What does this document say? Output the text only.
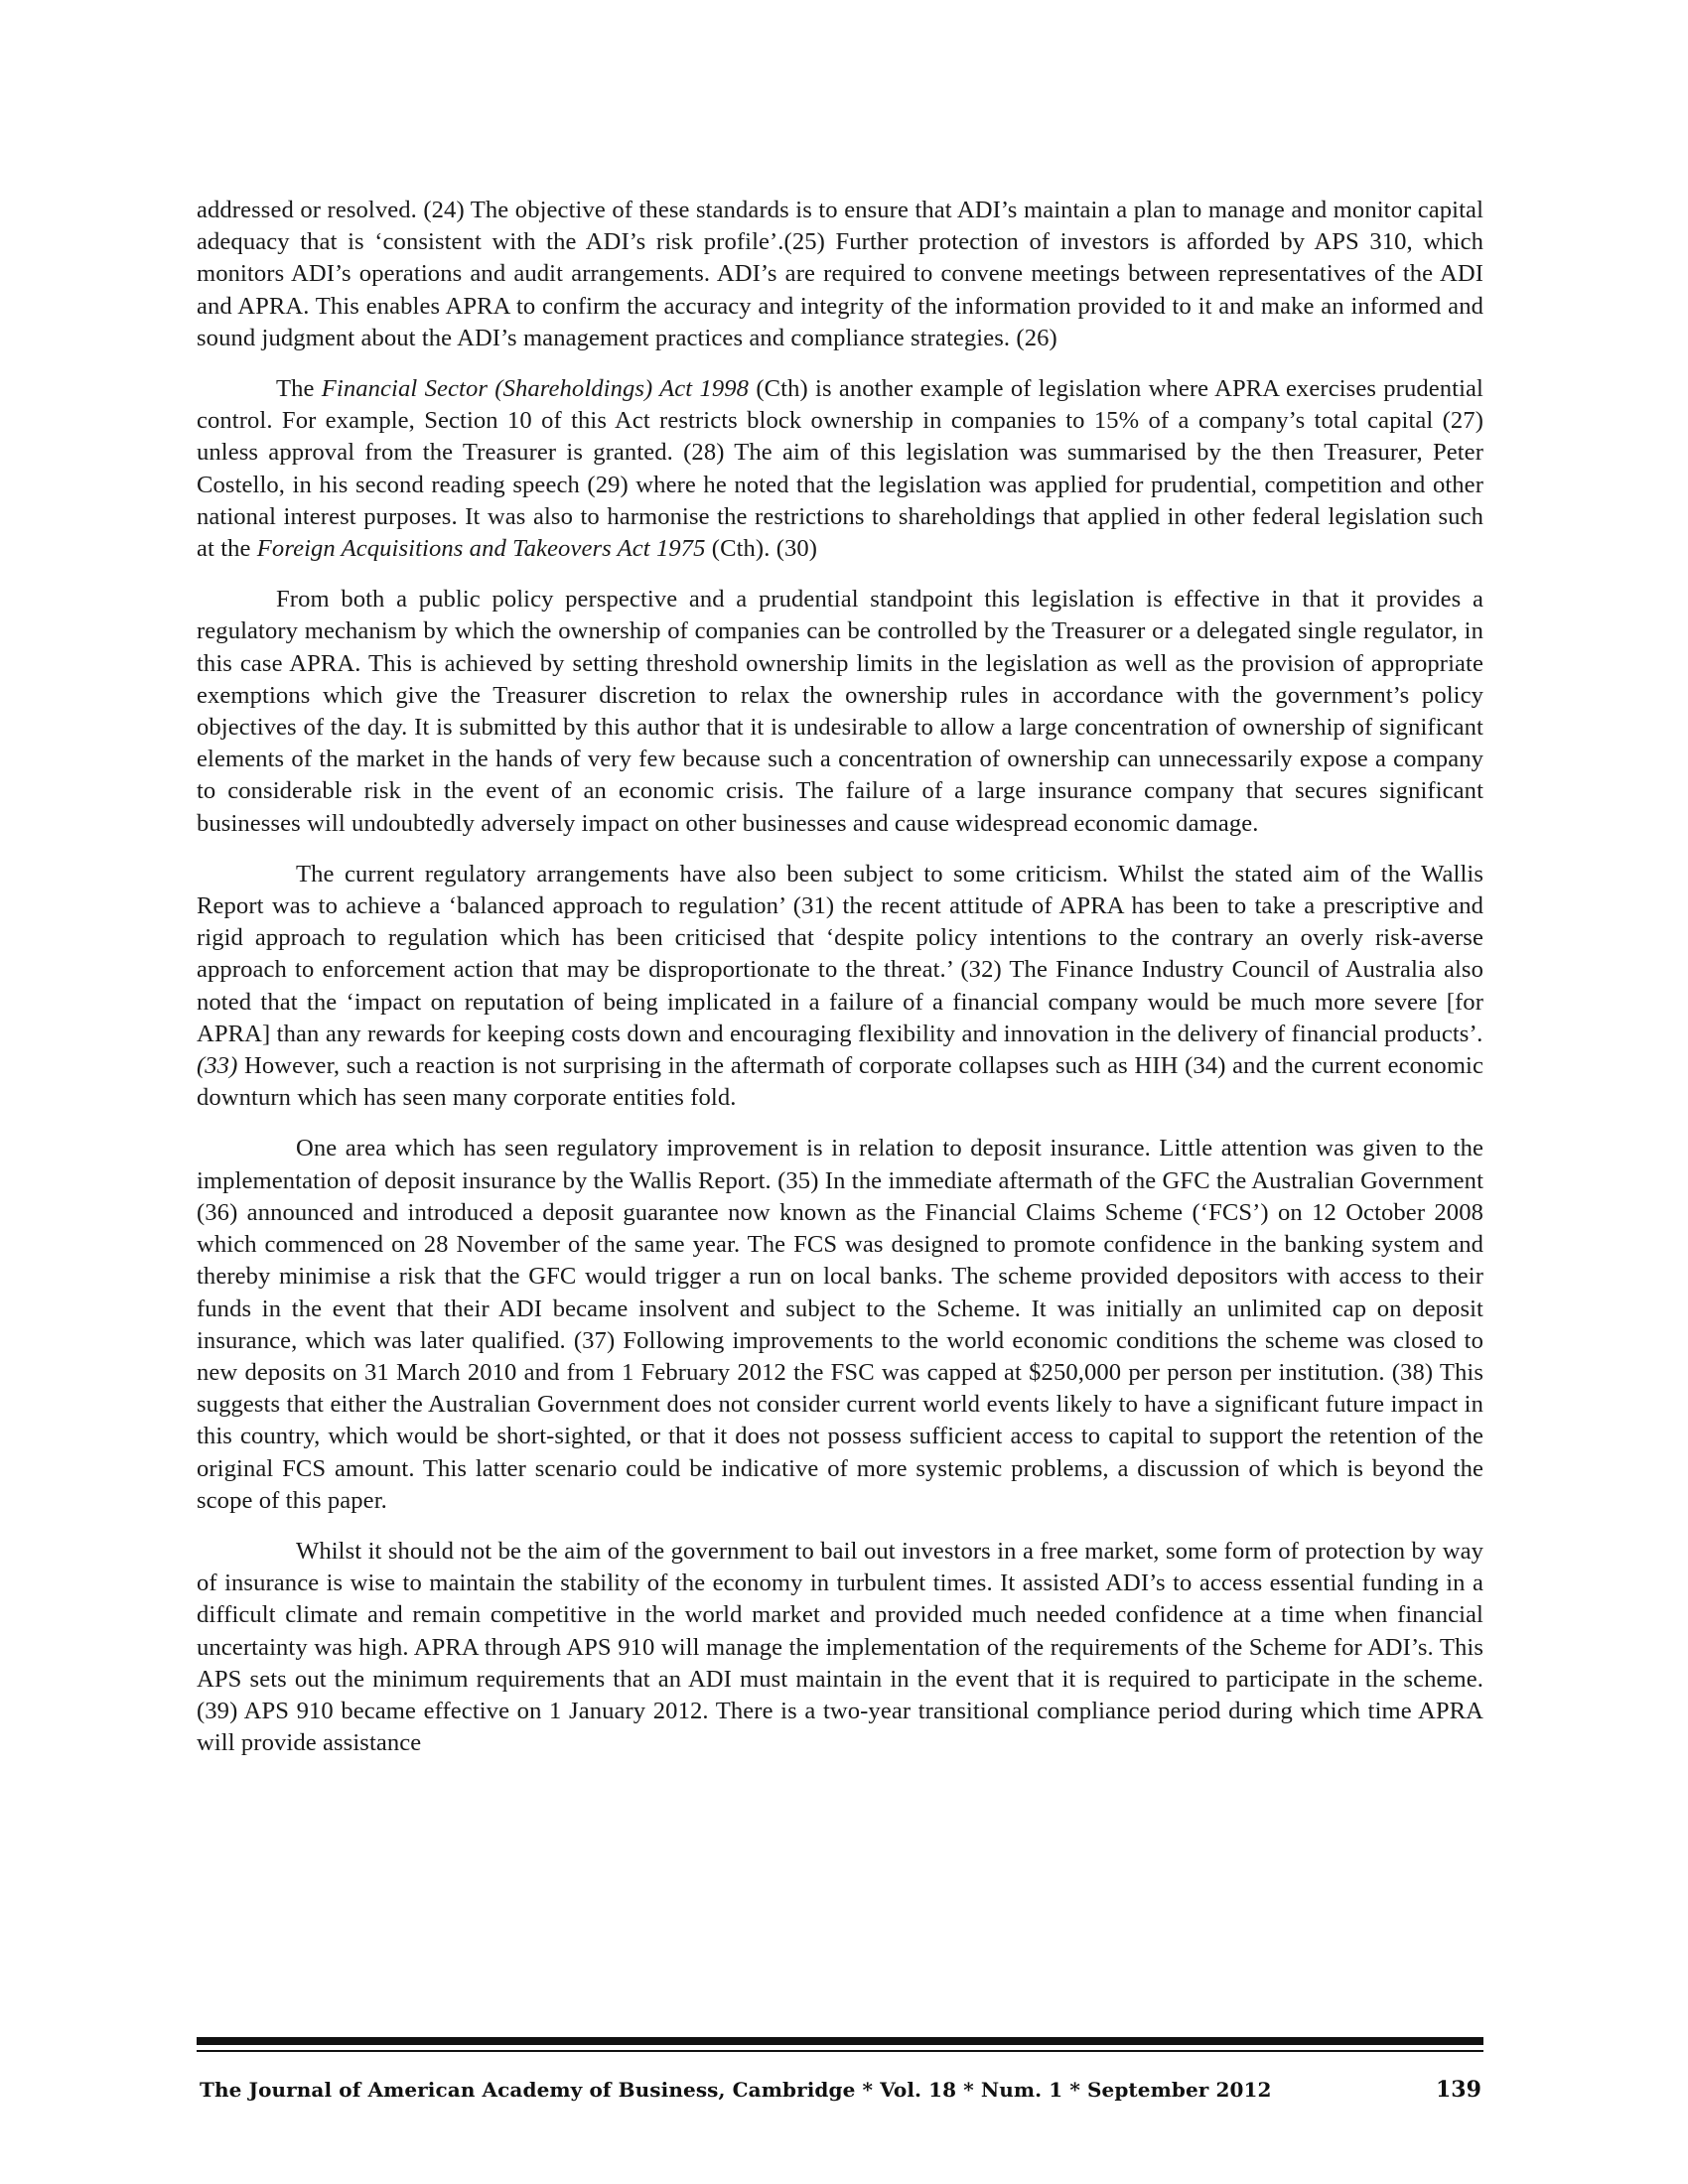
addressed or resolved. (24) The objective of these standards is to ensure that ADI’s maintain a plan to manage and monitor capital adequacy that is ‘consistent with the ADI’s risk profile’.(25) Further protection of investors is afforded by APS 310, which monitors ADI’s operations and audit arrangements. ADI’s are required to convene meetings between representatives of the ADI and APRA. This enables APRA to confirm the accuracy and integrity of the information provided to it and make an informed and sound judgment about the ADI’s management practices and compliance strategies. (26)

The Financial Sector (Shareholdings) Act 1998 (Cth) is another example of legislation where APRA exercises prudential control. For example, Section 10 of this Act restricts block ownership in companies to 15% of a company’s total capital (27) unless approval from the Treasurer is granted. (28) The aim of this legislation was summarised by the then Treasurer, Peter Costello, in his second reading speech (29) where he noted that the legislation was applied for prudential, competition and other national interest purposes. It was also to harmonise the restrictions to shareholdings that applied in other federal legislation such at the Foreign Acquisitions and Takeovers Act 1975 (Cth). (30)

From both a public policy perspective and a prudential standpoint this legislation is effective in that it provides a regulatory mechanism by which the ownership of companies can be controlled by the Treasurer or a delegated single regulator, in this case APRA. This is achieved by setting threshold ownership limits in the legislation as well as the provision of appropriate exemptions which give the Treasurer discretion to relax the ownership rules in accordance with the government’s policy objectives of the day. It is submitted by this author that it is undesirable to allow a large concentration of ownership of significant elements of the market in the hands of very few because such a concentration of ownership can unnecessarily expose a company to considerable risk in the event of an economic crisis. The failure of a large insurance company that secures significant businesses will undoubtedly adversely impact on other businesses and cause widespread economic damage.

The current regulatory arrangements have also been subject to some criticism. Whilst the stated aim of the Wallis Report was to achieve a ‘balanced approach to regulation’ (31) the recent attitude of APRA has been to take a prescriptive and rigid approach to regulation which has been criticised that ‘despite policy intentions to the contrary an overly risk-averse approach to enforcement action that may be disproportionate to the threat.’ (32) The Finance Industry Council of Australia also noted that the ‘impact on reputation of being implicated in a failure of a financial company would be much more severe [for APRA] than any rewards for keeping costs down and encouraging flexibility and innovation in the delivery of financial products’. (33) However, such a reaction is not surprising in the aftermath of corporate collapses such as HIH (34) and the current economic downturn which has seen many corporate entities fold.

One area which has seen regulatory improvement is in relation to deposit insurance. Little attention was given to the implementation of deposit insurance by the Wallis Report. (35) In the immediate aftermath of the GFC the Australian Government (36) announced and introduced a deposit guarantee now known as the Financial Claims Scheme (‘FCS’) on 12 October 2008 which commenced on 28 November of the same year. The FCS was designed to promote confidence in the banking system and thereby minimise a risk that the GFC would trigger a run on local banks. The scheme provided depositors with access to their funds in the event that their ADI became insolvent and subject to the Scheme. It was initially an unlimited cap on deposit insurance, which was later qualified. (37) Following improvements to the world economic conditions the scheme was closed to new deposits on 31 March 2010 and from 1 February 2012 the FSC was capped at $250,000 per person per institution. (38) This suggests that either the Australian Government does not consider current world events likely to have a significant future impact in this country, which would be short-sighted, or that it does not possess sufficient access to capital to support the retention of the original FCS amount. This latter scenario could be indicative of more systemic problems, a discussion of which is beyond the scope of this paper.

Whilst it should not be the aim of the government to bail out investors in a free market, some form of protection by way of insurance is wise to maintain the stability of the economy in turbulent times. It assisted ADI’s to access essential funding in a difficult climate and remain competitive in the world market and provided much needed confidence at a time when financial uncertainty was high. APRA through APS 910 will manage the implementation of the requirements of the Scheme for ADI’s. This APS sets out the minimum requirements that an ADI must maintain in the event that it is required to participate in the scheme. (39) APS 910 became effective on 1 January 2012. There is a two-year transitional compliance period during which time APRA will provide assistance

The Journal of American Academy of Business, Cambridge * Vol. 18 * Num. 1 * September 2012	139
